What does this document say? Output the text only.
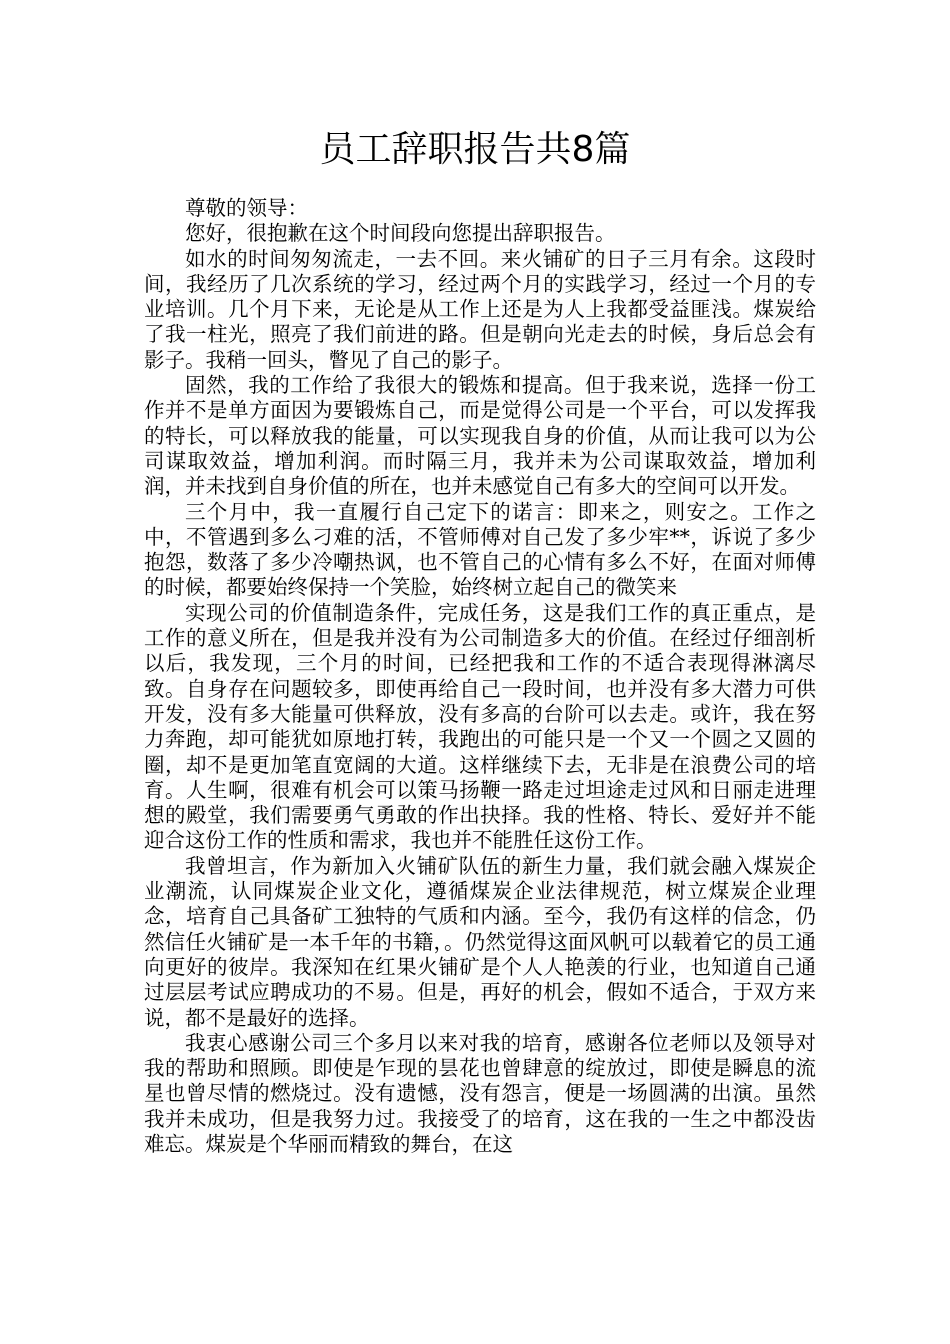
员工辞职报告共8篇

尊敬的领导：

您好，很抱歉在这个时间段向您提出辞职报告。

如水的时间匆匆流走，一去不回。来火铺矿的日子三月有余。这段时间，我经历了几次系统的学习，经过两个月的实践学习，经过一个月的专业培训。几个月下来，无论是从工作上还是为人上我都受益匪浅。煤炭给了我一柱光，照亮了我们前进的路。但是朝向光走去的时候，身后总会有影子。我稍一回头，瞥见了自己的影子。

固然，我的工作给了我很大的锻炼和提高。但于我来说，选择一份工作并不是单方面因为要锻炼自己，而是觉得公司是一个平台，可以发挥我的特长，可以释放我的能量，可以实现我自身的价值，从而让我可以为公司谋取效益，增加利润。而时隔三月，我并未为公司谋取效益，增加利润，并未找到自身价值的所在，也并未感觉自己有多大的空间可以开发。

三个月中，我一直履行自己定下的诺言：即来之，则安之。工作之中，不管遇到多么刁难的活，不管师傅对自己发了多少牢**，诉说了多少抱怨，数落了多少冷嘲热讽，也不管自己的心情有多么不好，在面对师傅的时候，都要始终保持一个笑脸，始终树立起自己的微笑来

实现公司的价值制造条件，完成任务，这是我们工作的真正重点，是工作的意义所在，但是我并没有为公司制造多大的价值。在经过仔细剖析以后，我发现，三个月的时间，已经把我和工作的不适合表现得淋漓尽致。自身存在问题较多，即使再给自己一段时间，也并没有多大潜力可供开发，没有多大能量可供释放，没有多高的台阶可以去走。或许，我在努力奔跑，却可能犹如原地打转，我跑出的可能只是一个又一个圆之又圆的圈，却不是更加笔直宽阔的大道。这样继续下去，无非是在浪费公司的培育。人生啊，很难有机会可以策马扬鞭一路走过坦途走过风和日丽走进理想的殿堂，我们需要勇气勇敢的作出抉择。我的性格、特长、爱好并不能迎合这份工作的性质和需求，我也并不能胜任这份工作。

我曾坦言，作为新加入火铺矿队伍的新生力量，我们就会融入煤炭企业潮流，认同煤炭企业文化，遵循煤炭企业法律规范，树立煤炭企业理念，培育自己具备矿工独特的气质和内涵。至今，我仍有这样的信念，仍然信任火铺矿是一本千年的书籍，。仍然觉得这面风帆可以载着它的员工通向更好的彼岸。我深知在红果火铺矿是个人人艳羡的行业，也知道自己通过层层考试应聘成功的不易。但是，再好的机会，假如不适合，于双方来说，都不是最好的选择。

我衷心感谢公司三个多月以来对我的培育，感谢各位老师以及领导对我的帮助和照顾。即使是乍现的昙花也曾肆意的绽放过，即使是瞬息的流星也曾尽情的燃烧过。没有遗憾，没有怨言，便是一场圆满的出演。虽然我并未成功，但是我努力过。我接受了的培育，这在我的一生之中都没齿难忘。煤炭是个华丽而精致的舞台，在这
